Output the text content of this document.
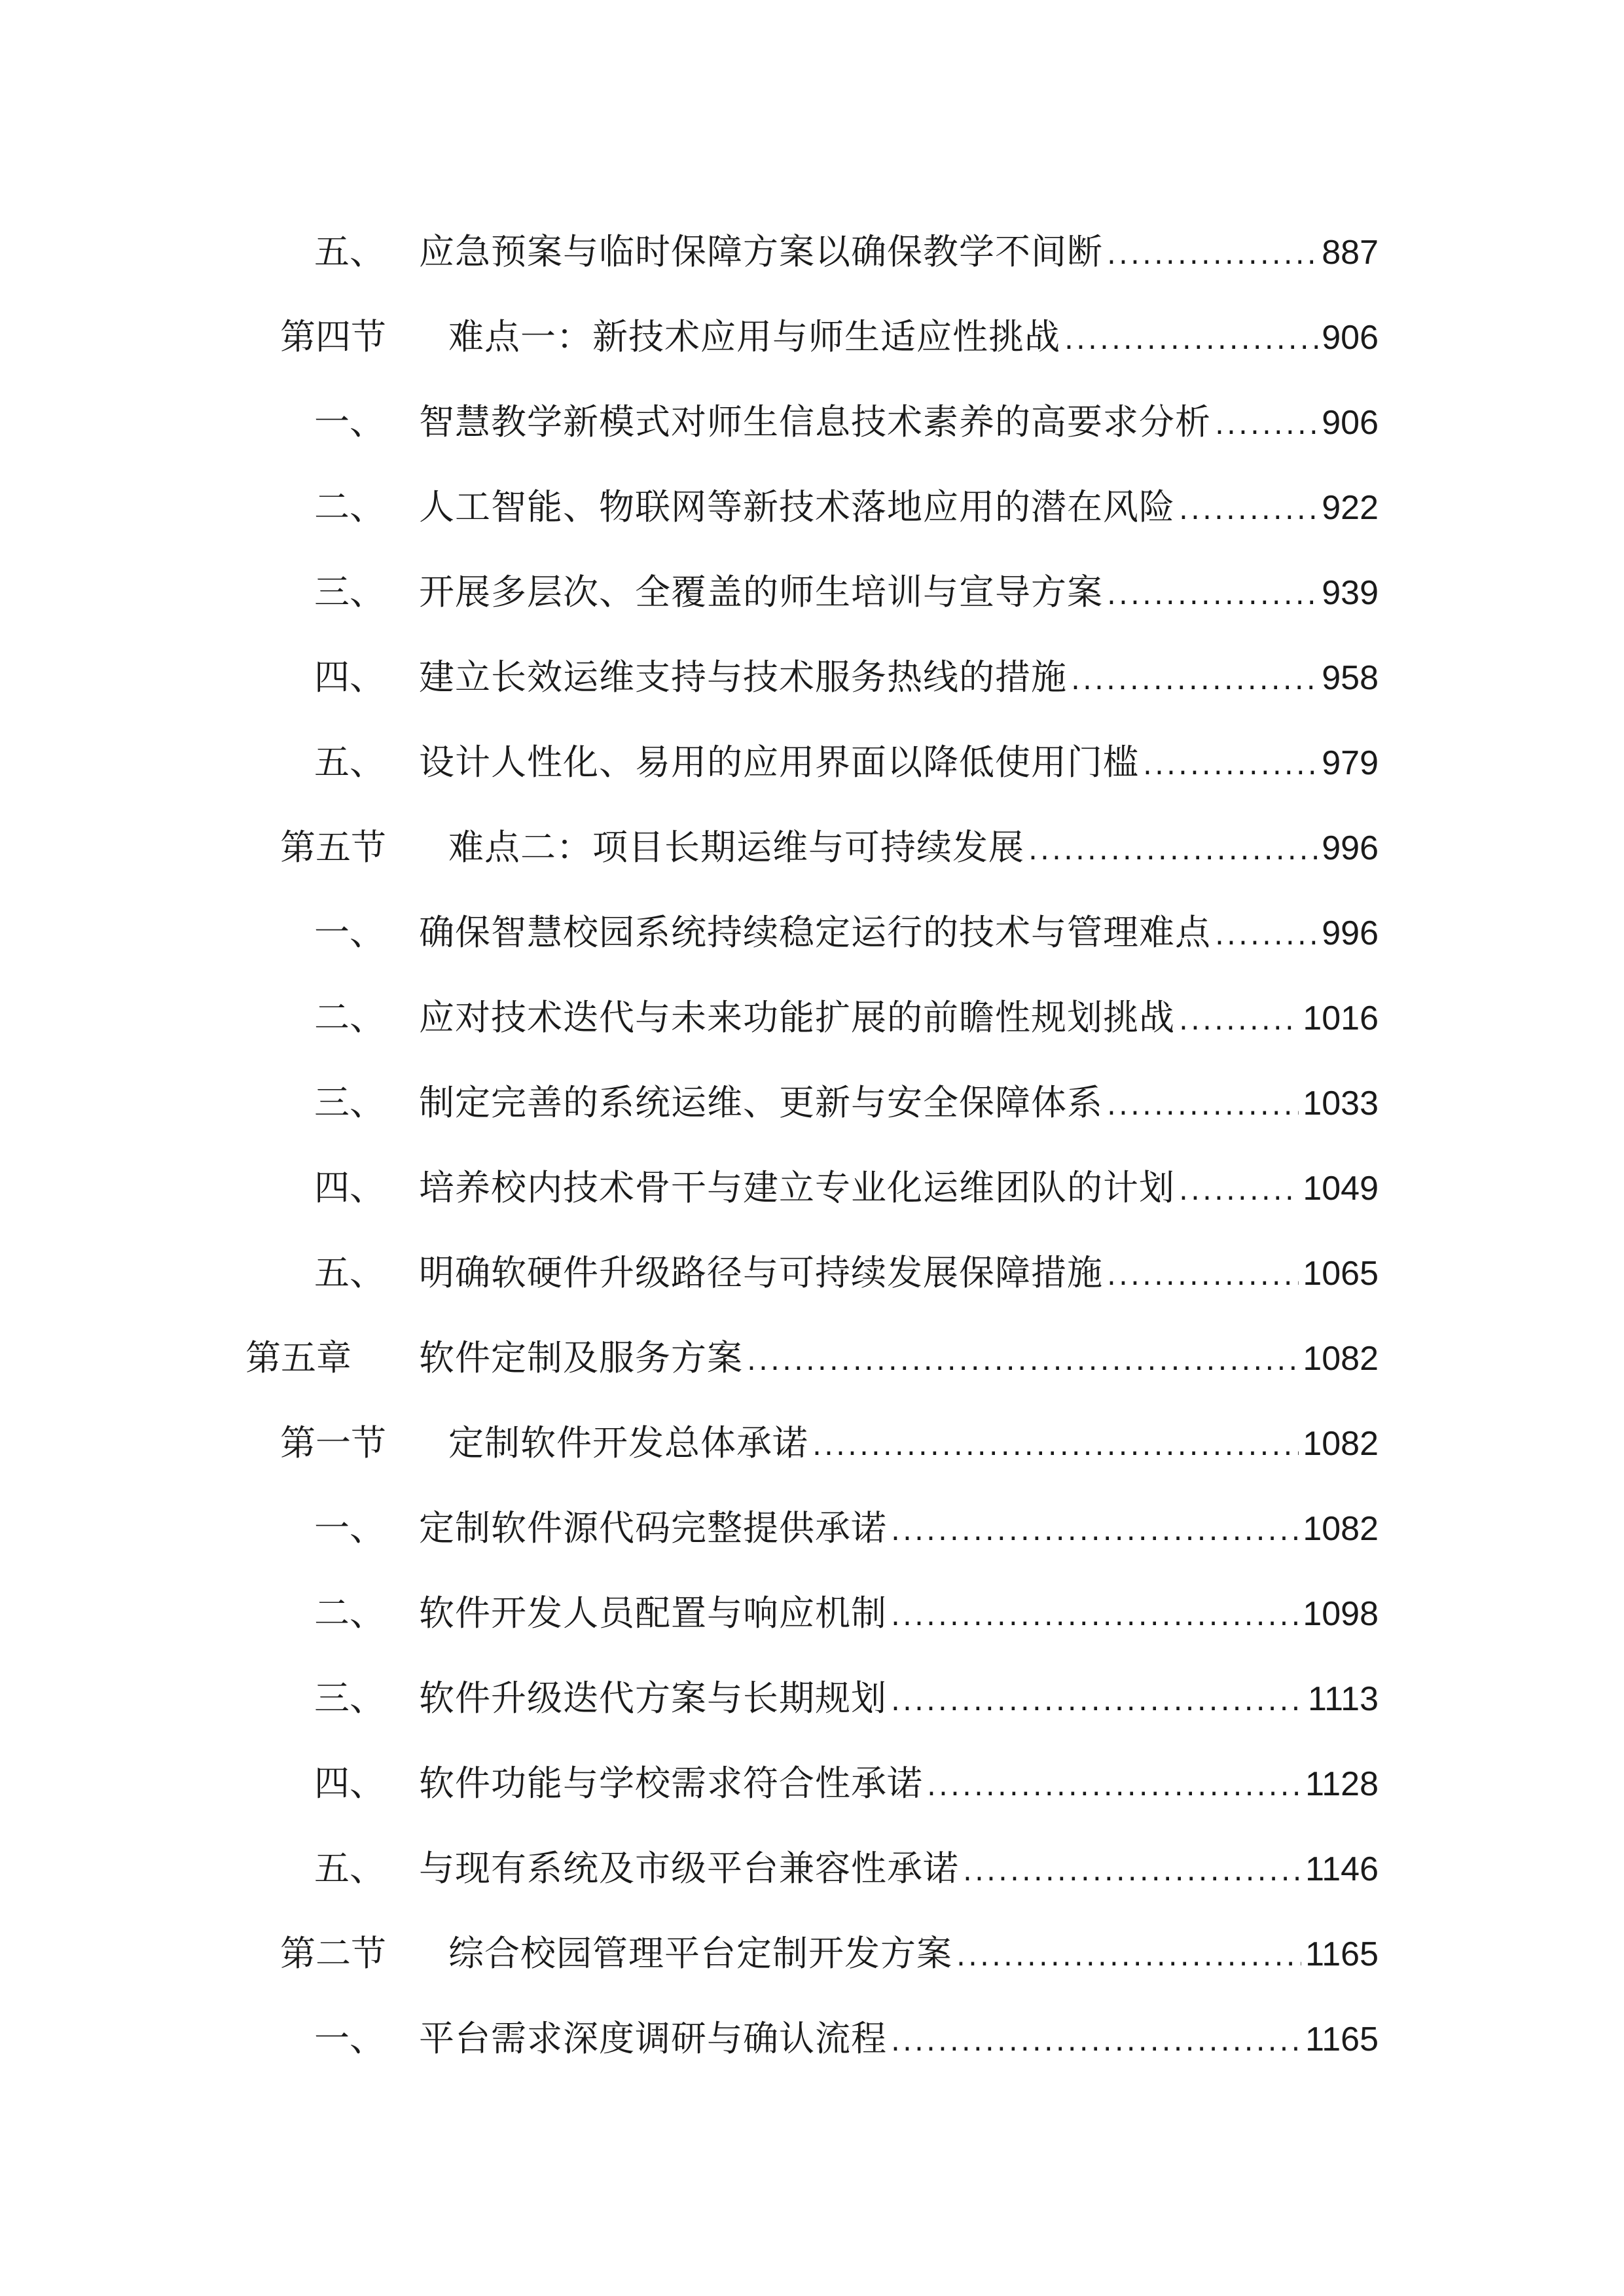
五、 应急预案与临时保障方案以确保教学不间断 .....	887
第四节 难点一：新技术应用与师生适应性挑战 .....	906
一、 智慧教学新模式对师生信息技术素养的高要求分析 .....	906
二、 人工智能、物联网等新技术落地应用的潜在风险 .....	922
三、 开展多层次、全覆盖的师生培训与宣导方案 .....	939
四、 建立长效运维支持与技术服务热线的措施 .....	958
五、 设计人性化、易用的应用界面以降低使用门槛 .....	979
第五节 难点二：项目长期运维与可持续发展 .....	996
一、 确保智慧校园系统持续稳定运行的技术与管理难点 .....	996
二、 应对技术迭代与未来功能扩展的前瞻性规划挑战 .....	1016
三、 制定完善的系统运维、更新与安全保障体系 .....	1033
四、 培养校内技术骨干与建立专业化运维团队的计划 .....	1049
五、 明确软硬件升级路径与可持续发展保障措施 .....	1065
第五章 软件定制及服务方案 .....	1082
第一节 定制软件开发总体承诺 .....	1082
一、 定制软件源代码完整提供承诺 .....	1082
二、 软件开发人员配置与响应机制 .....	1098
三、 软件升级迭代方案与长期规划 .....	1113
四、 软件功能与学校需求符合性承诺 .....	1128
五、 与现有系统及市级平台兼容性承诺 .....	1146
第二节 综合校园管理平台定制开发方案 .....	1165
一、 平台需求深度调研与确认流程 .....	1165
